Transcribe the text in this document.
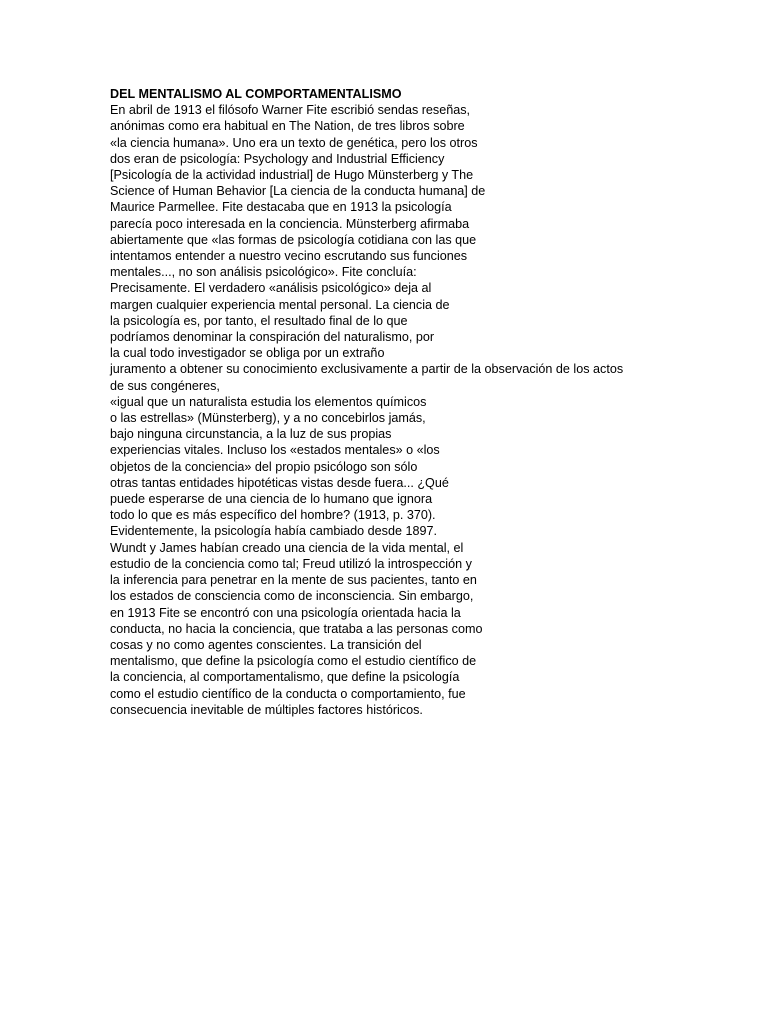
DEL MENTALISMO AL COMPORTAMENTALISMO
En abril de 1913 el filósofo Warner Fite escribió sendas reseñas,
anónimas como era habitual en The Nation, de tres libros sobre
«la ciencia humana». Uno era un texto de genética, pero los otros
dos eran de psicología: Psychology and Industrial Efficiency
[Psicología de la actividad industrial] de Hugo Münsterberg y The
Science of Human Behavior [La ciencia de la conducta humana] de
Maurice Parmellee. Fite destacaba que en 1913 la psicología
parecía poco interesada en la conciencia. Münsterberg afirmaba
abiertamente que «las formas de psicología cotidiana con las que
intentamos entender a nuestro vecino escrutando sus funciones
mentales..., no son análisis psicológico». Fite concluía:
Precisamente. El verdadero «análisis psicológico» deja al
margen cualquier experiencia mental personal. La ciencia de
la psicología es, por tanto, el resultado final de lo que
podríamos denominar la conspiración del naturalismo, por
la cual todo investigador se obliga por un extraño
juramento a obtener su conocimiento exclusivamente a partir de la observación de los actos
de sus congéneres,
«igual que un naturalista estudia los elementos químicos
o las estrellas» (Münsterberg), y a no concebirlos jamás,
bajo ninguna circunstancia, a la luz de sus propias
experiencias vitales. Incluso los «estados mentales» o «los
objetos de la conciencia» del propio psicólogo son sólo
otras tantas entidades hipotéticas vistas desde fuera... ¿Qué
puede esperarse de una ciencia de lo humano que ignora
todo lo que es más específico del hombre? (1913, p. 370).
Evidentemente, la psicología había cambiado desde 1897.
Wundt y James habían creado una ciencia de la vida mental, el
estudio de la conciencia como tal; Freud utilizó la introspección y
la inferencia para penetrar en la mente de sus pacientes, tanto en
los estados de consciencia como de inconsciencia. Sin embargo,
en 1913 Fite se encontró con una psicología orientada hacia la
conducta, no hacia la conciencia, que trataba a las personas como
cosas y no como agentes conscientes. La transición del
mentalismo, que define la psicología como el estudio científico de
la conciencia, al comportamentalismo, que define la psicología
como el estudio científico de la conducta o comportamiento, fue
consecuencia inevitable de múltiples factores históricos.
